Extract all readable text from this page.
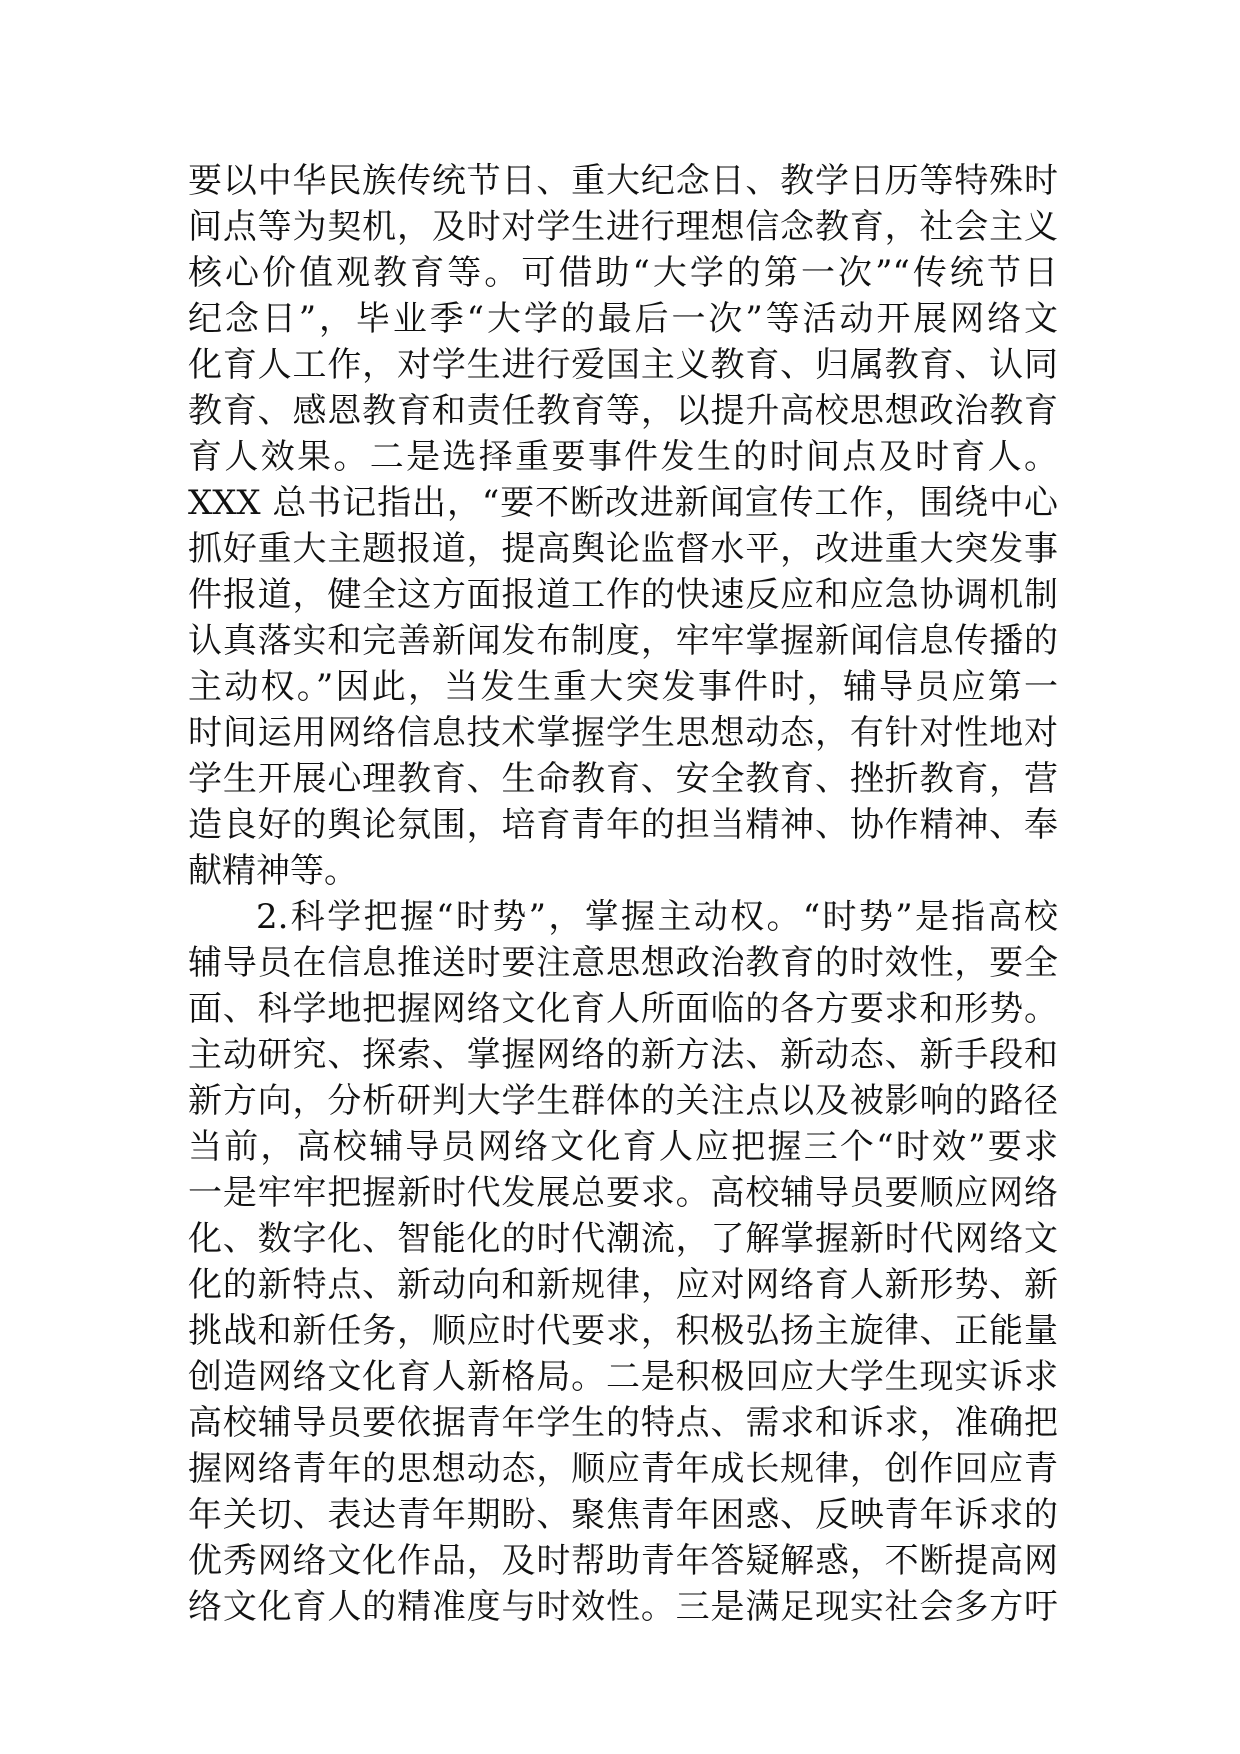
要以中华民族传统节日、重大纪念日、教学日历等特殊时
间点等为契机，及时对学生进行理想信念教育，社会主义
核心价值观教育等。可借助“大学的第一次”“传统节日
纪念日”，毕业季“大学的最后一次”等活动开展网络文
化育人工作，对学生进行爱国主义教育、归属教育、认同
教育、感恩教育和责任教育等，以提升高校思想政治教育
育人效果。二是选择重要事件发生的时间点及时育人。
XXX 总书记指出，“要不断改进新闻宣传工作，围绕中心
抓好重大主题报道，提高舆论监督水平，改进重大突发事
件报道，健全这方面报道工作的快速反应和应急协调机制
认真落实和完善新闻发布制度，牢牢掌握新闻信息传播的
主动权。”因此，当发生重大突发事件时，辅导员应第一
时间运用网络信息技术掌握学生思想动态，有针对性地对
学生开展心理教育、生命教育、安全教育、挫折教育，营
造良好的舆论氛围，培育青年的担当精神、协作精神、奉
献精神等。
2.科学把握“时势”，掌握主动权。“时势”是指高校
辅导员在信息推送时要注意思想政治教育的时效性，要全
面、科学地把握网络文化育人所面临的各方要求和形势。
主动研究、探索、掌握网络的新方法、新动态、新手段和
新方向，分析研判大学生群体的关注点以及被影响的路径
当前，高校辅导员网络文化育人应把握三个“时效”要求
一是牢牢把握新时代发展总要求。高校辅导员要顺应网络
化、数字化、智能化的时代潮流，了解掌握新时代网络文
化的新特点、新动向和新规律，应对网络育人新形势、新
挑战和新任务，顺应时代要求，积极弘扬主旋律、正能量
创造网络文化育人新格局。二是积极回应大学生现实诉求
高校辅导员要依据青年学生的特点、需求和诉求，准确把
握网络青年的思想动态，顺应青年成长规律，创作回应青
年关切、表达青年期盼、聚焦青年困惑、反映青年诉求的
优秀网络文化作品，及时帮助青年答疑解惑，不断提高网
络文化育人的精准度与时效性。三是满足现实社会多方吁
